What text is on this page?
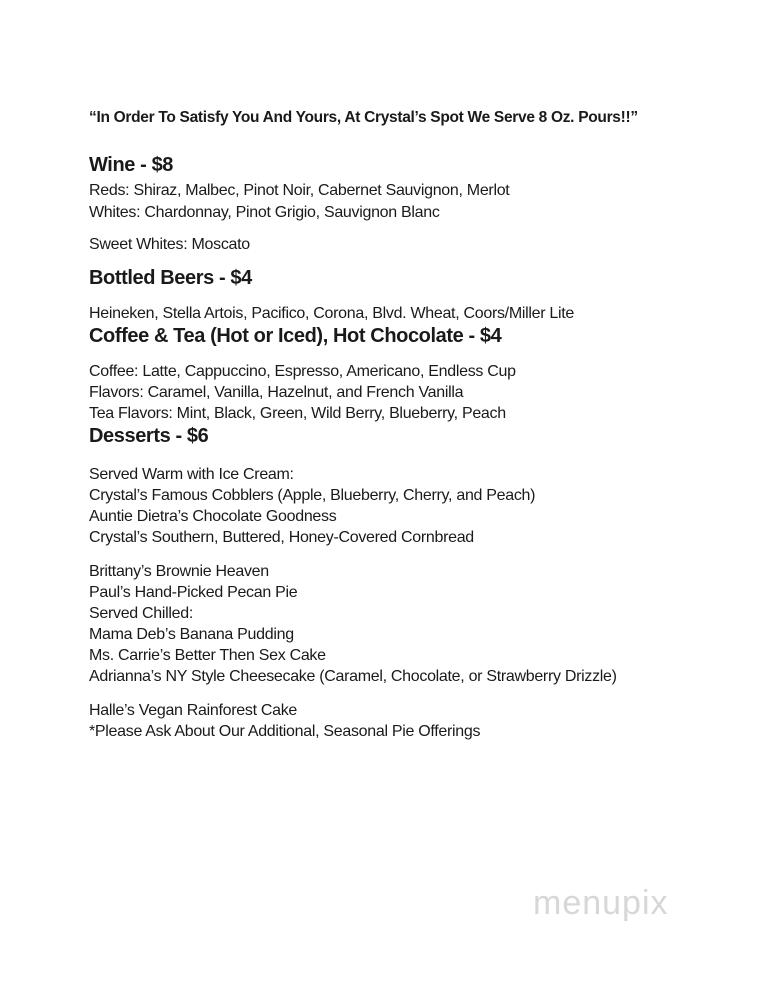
“In Order To Satisfy You And Yours, At Crystal’s Spot We Serve 8 Oz. Pours!!”

Wine - $8

Reds: Shiraz, Malbec, Pinot Noir, Cabernet Sauvignon, Merlot

Whites: Chardonnay, Pinot Grigio, Sauvignon Blanc

Sweet Whites: Moscato

Bottled Beers - $4

Heineken, Stella Artois, Pacifico, Corona, Blvd. Wheat, Coors/Miller Lite

Coffee & Tea (Hot or Iced), Hot Chocolate - $4

Coffee: Latte, Cappuccino, Espresso, Americano, Endless Cup

Flavors: Caramel, Vanilla, Hazelnut, and French Vanilla

Tea Flavors: Mint, Black, Green, Wild Berry, Blueberry, Peach

Desserts - $6

Served Warm with Ice Cream:

Crystal’s Famous Cobblers (Apple, Blueberry, Cherry, and Peach)

Auntie Dietra’s Chocolate Goodness

Crystal’s Southern, Buttered, Honey-Covered Cornbread

Brittany’s Brownie Heaven

Paul’s Hand-Picked Pecan Pie

Served Chilled:

Mama Deb’s Banana Pudding

Ms. Carrie’s Better Then Sex Cake

Adrianna’s NY Style Cheesecake (Caramel, Chocolate, or Strawberry Drizzle)

Halle’s Vegan Rainforest Cake

*Please Ask About Our Additional, Seasonal Pie Offerings

menupix
